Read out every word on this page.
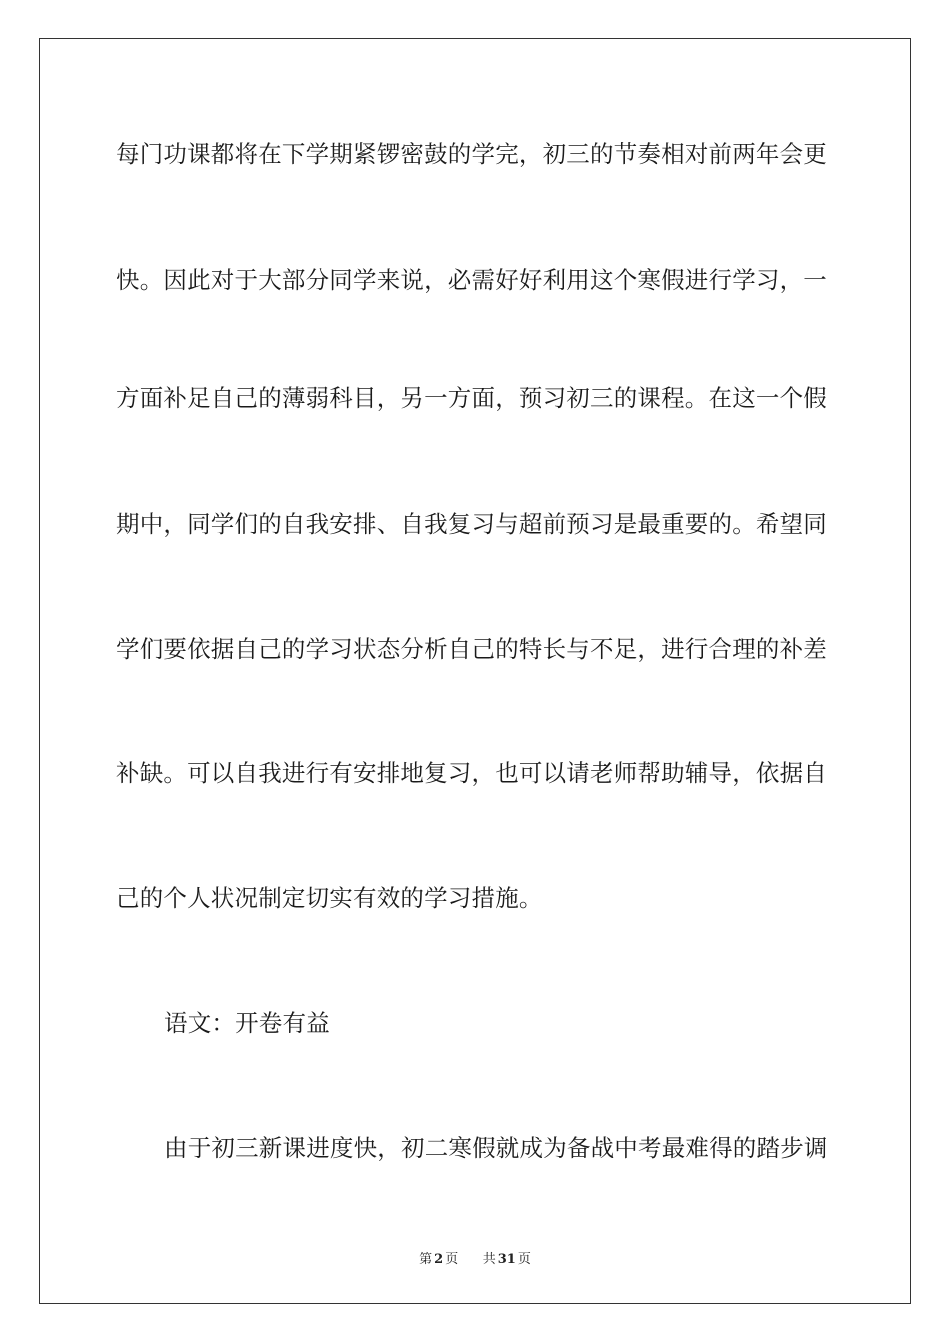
每门功课都将在下学期紧锣密鼓的学完，初三的节奏相对前两年会更
快。因此对于大部分同学来说，必需好好利用这个寒假进行学习，一
方面补足自己的薄弱科目，另一方面，预习初三的课程。在这一个假
期中，同学们的自我安排、自我复习与超前预习是最重要的。希望同
学们要依据自己的学习状态分析自己的特长与不足，进行合理的补差
补缺。可以自我进行有安排地复习，也可以请老师帮助辅导，依据自
己的个人状况制定切实有效的学习措施。
语文：开卷有益
由于初三新课进度快，初二寒假就成为备战中考最难得的踏步调
第 2 页 共 31 页
